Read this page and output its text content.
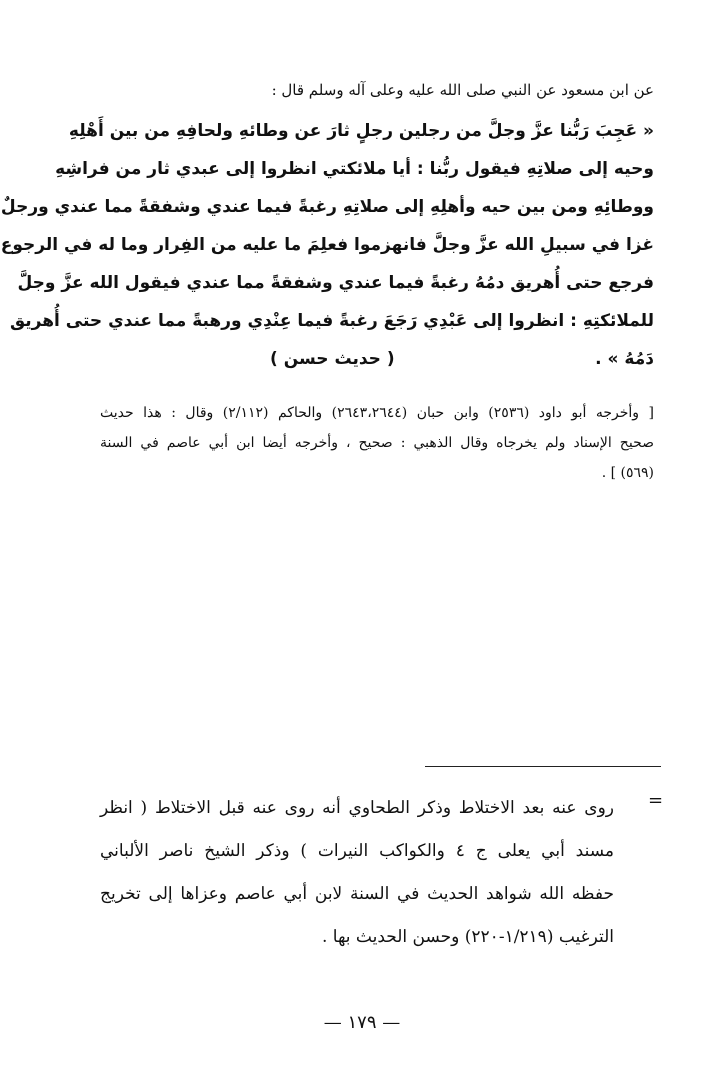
عن ابن مسعود عن النبي صلى الله عليه وعلى آله وسلم قال :
« عَجِبَ رَبُّنا عزَّ وجلَّ من رجلين رجلٍ ثارَ عن وطائهِ ولحافِهِ من بين أَهْلِهِ
وحيه إلى صلاتِهِ فيقول ربُّنا : أيا ملائكتي انظروا إلى عبدي ثار من فراشِهِ
ووطائِهِ ومن بين حيه وأهلِهِ إلى صلاتِهِ رغبةً فيما عندي وشفقةً مما عندي ورجلٌ
غزا في سبيلِ الله عزَّ وجلَّ فانهزموا فعلِمَ ما عليه من الفِرار وما له في الرجوع
فرجع حتى أُهريق دمُهُ رغبةً فيما عندي وشفقةً مما عندي فيقول الله عزَّ وجلَّ
للملائكتِهِ : انظروا إلى عَبْدِي رَجَعَ رغبةً فيما عِنْدِي ورهبةً مما عندي حتى أُهريق
دَمُهُ » .
( حديث حسن )
[ وأخرجه أبو داود (٢٥٣٦) وابن حبان (٢٦٤٣،٢٦٤٤) والحاكم (٢/١١٢) وقال : هذا حديث
صحيح الإسناد ولم يخرجاه وقال الذهبي : صحيح ، وأخرجه أيضا ابن أبي عاصم في السنة
(٥٦٩) ] .
=
روى عنه بعد الاختلاط وذكر الطحاوي أنه روى عنه قبل الاختلاط ( انظر
مسند أبي يعلى ج ٤ والكواكب النيرات ) وذكر الشيخ ناصر الألباني
حفظه الله شواهد الحديث في السنة لابن أبي عاصم وعزاها إلى تخريج
الترغيب (١/٢١٩-٢٢٠) وحسن الحديث بها .
— ١٧٩ —
